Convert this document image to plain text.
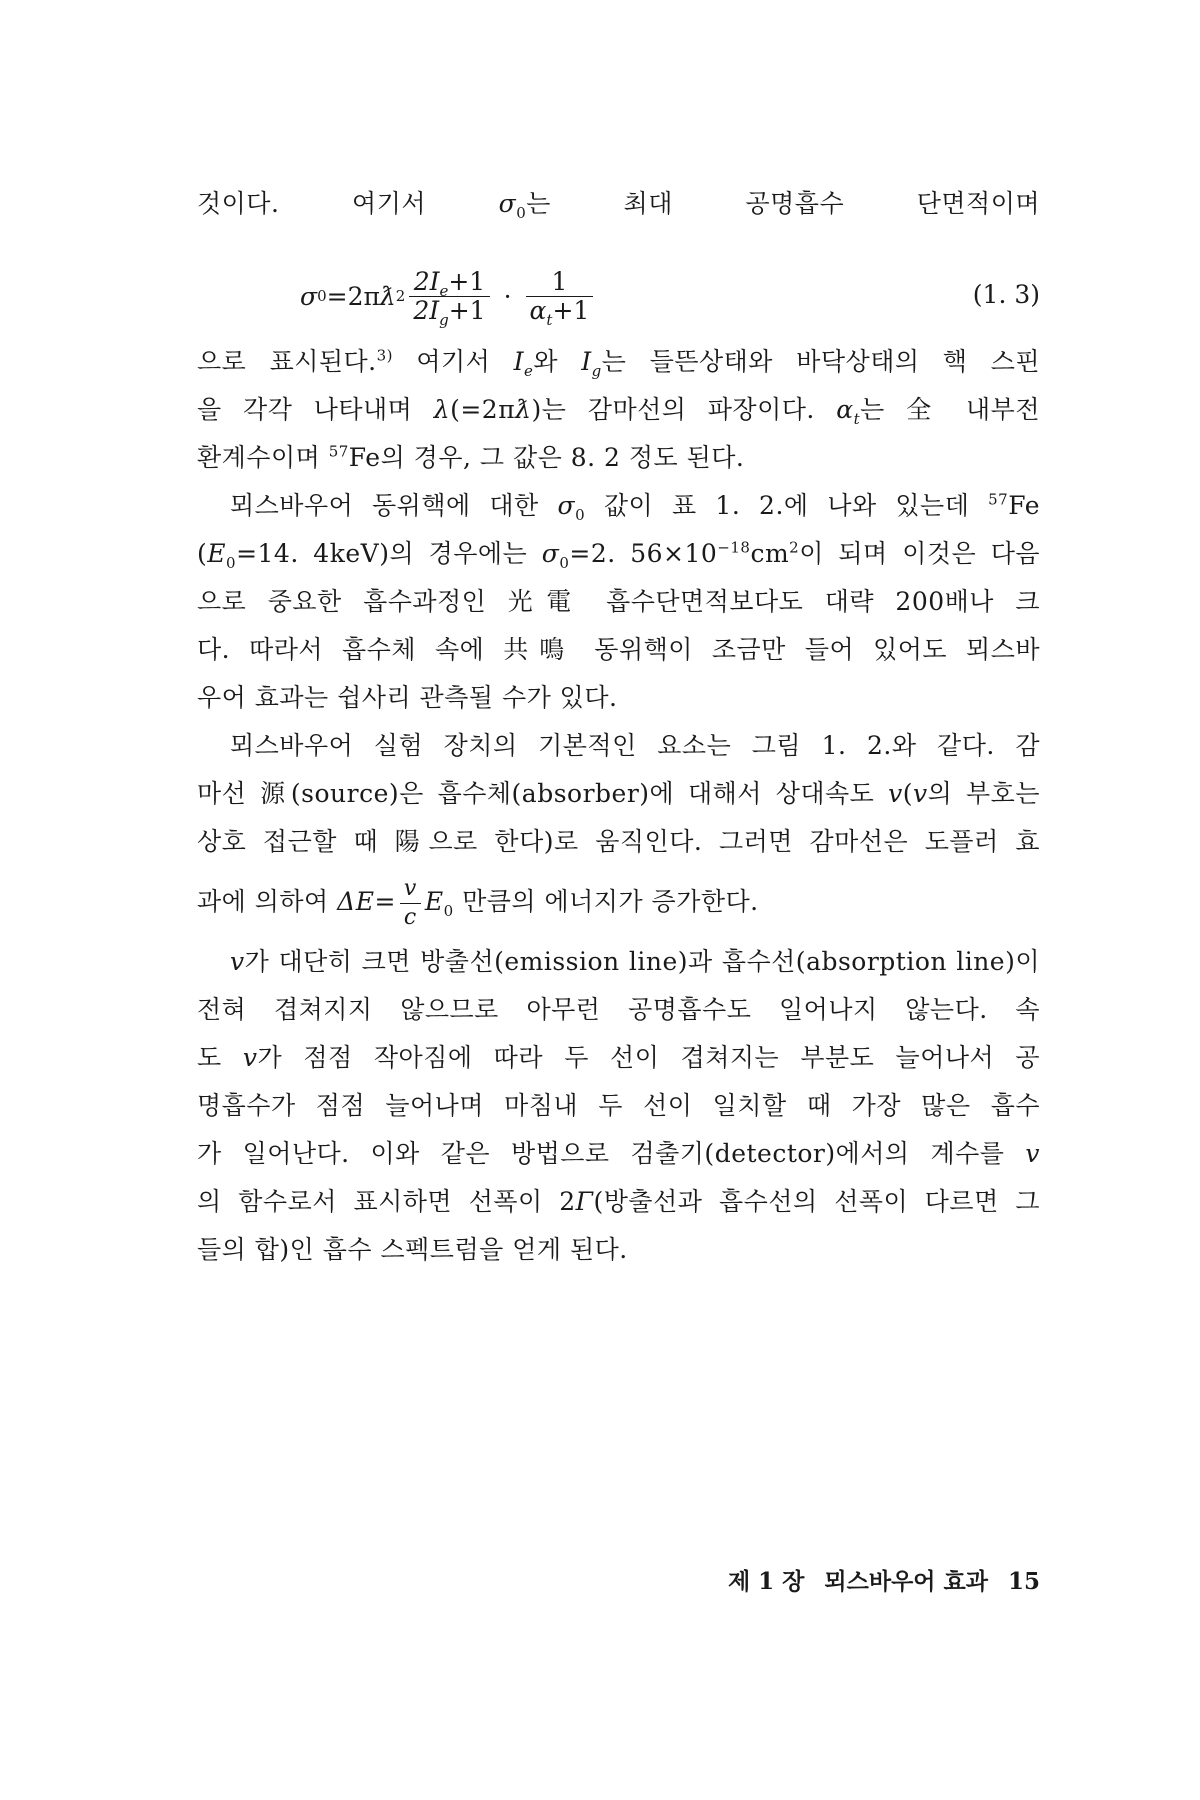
것이다. 여기서 $\sigma_0$는 최대 공명흡수 단면적이며
σ 0 =2π ƛ $2 \frac{2I_e+1}{2I_g+1} \cdot \frac{1}{\alpha_t+1}$	(1. 3)
으로 표시된다.$^{3)}$ 여기서 $I_e$와 $I_g$는 들뜬상태와 바닥상태의 핵 스핀
을 각각 나타내며 λ(=2πƛ)는 감마선의 파장이다. $\alpha_t$는 全 내부전
환계수이며 $^{57}$Fe의 경우, 그 값은 8. 2 정도 된다.
뫼스바우어 동위핵에 대한 $\sigma_0$ 값이 표 1. 2.에 나와 있는데 $^{57}$Fe
($E_0=14$. 4keV)의 경우에는 $\sigma_0=2$. $56\times 10^{-18}cm^2$이 되며 이것은 다음
으로 중요한 흡수과정인 光電 흡수단면적보다도 대략 200배나 크
다. 따라서 흡수체 속에 共鳴 동위핵이 조금만 들어 있어도 뫼스바
우어 효과는 쉽사리 관측될 수가 있다.
뫼스바우어 실험 장치의 기본적인 요소는 그림 1. 2.와 같다. 감
마선 源(source)은 흡수체(absorber)에 대해서 상대속도 v(v의 부호는
상호 접근할 때 陽으로 한다)로 움직인다. 그러면 감마선은 도플러 효
과에 의하여 $\Delta E= \frac{v}{c} E_0$ 만큼의 에너지가 증가한다.
v가 대단히 크면 방출선(emission line)과 흡수선(absorption line)이
전혀 겹쳐지지 않으므로 아무런 공명흡수도 일어나지 않는다. 속
도 v가 점점 작아짐에 따라 두 선이 겹쳐지는 부분도 늘어나서 공
명흡수가 점점 늘어나며 마침내 두 선이 일치할 때 가장 많은 흡수
가 일어난다. 이와 같은 방법으로 검출기(detector)에서의 계수를 v
의 함수로서 표시하면 선폭이 2Γ(방출선과 흡수선의 선폭이 다르면 그
들의 합)인 흡수 스펙트럼을 얻게 된다.
제 1 장 뫼스바우어 효과 15
